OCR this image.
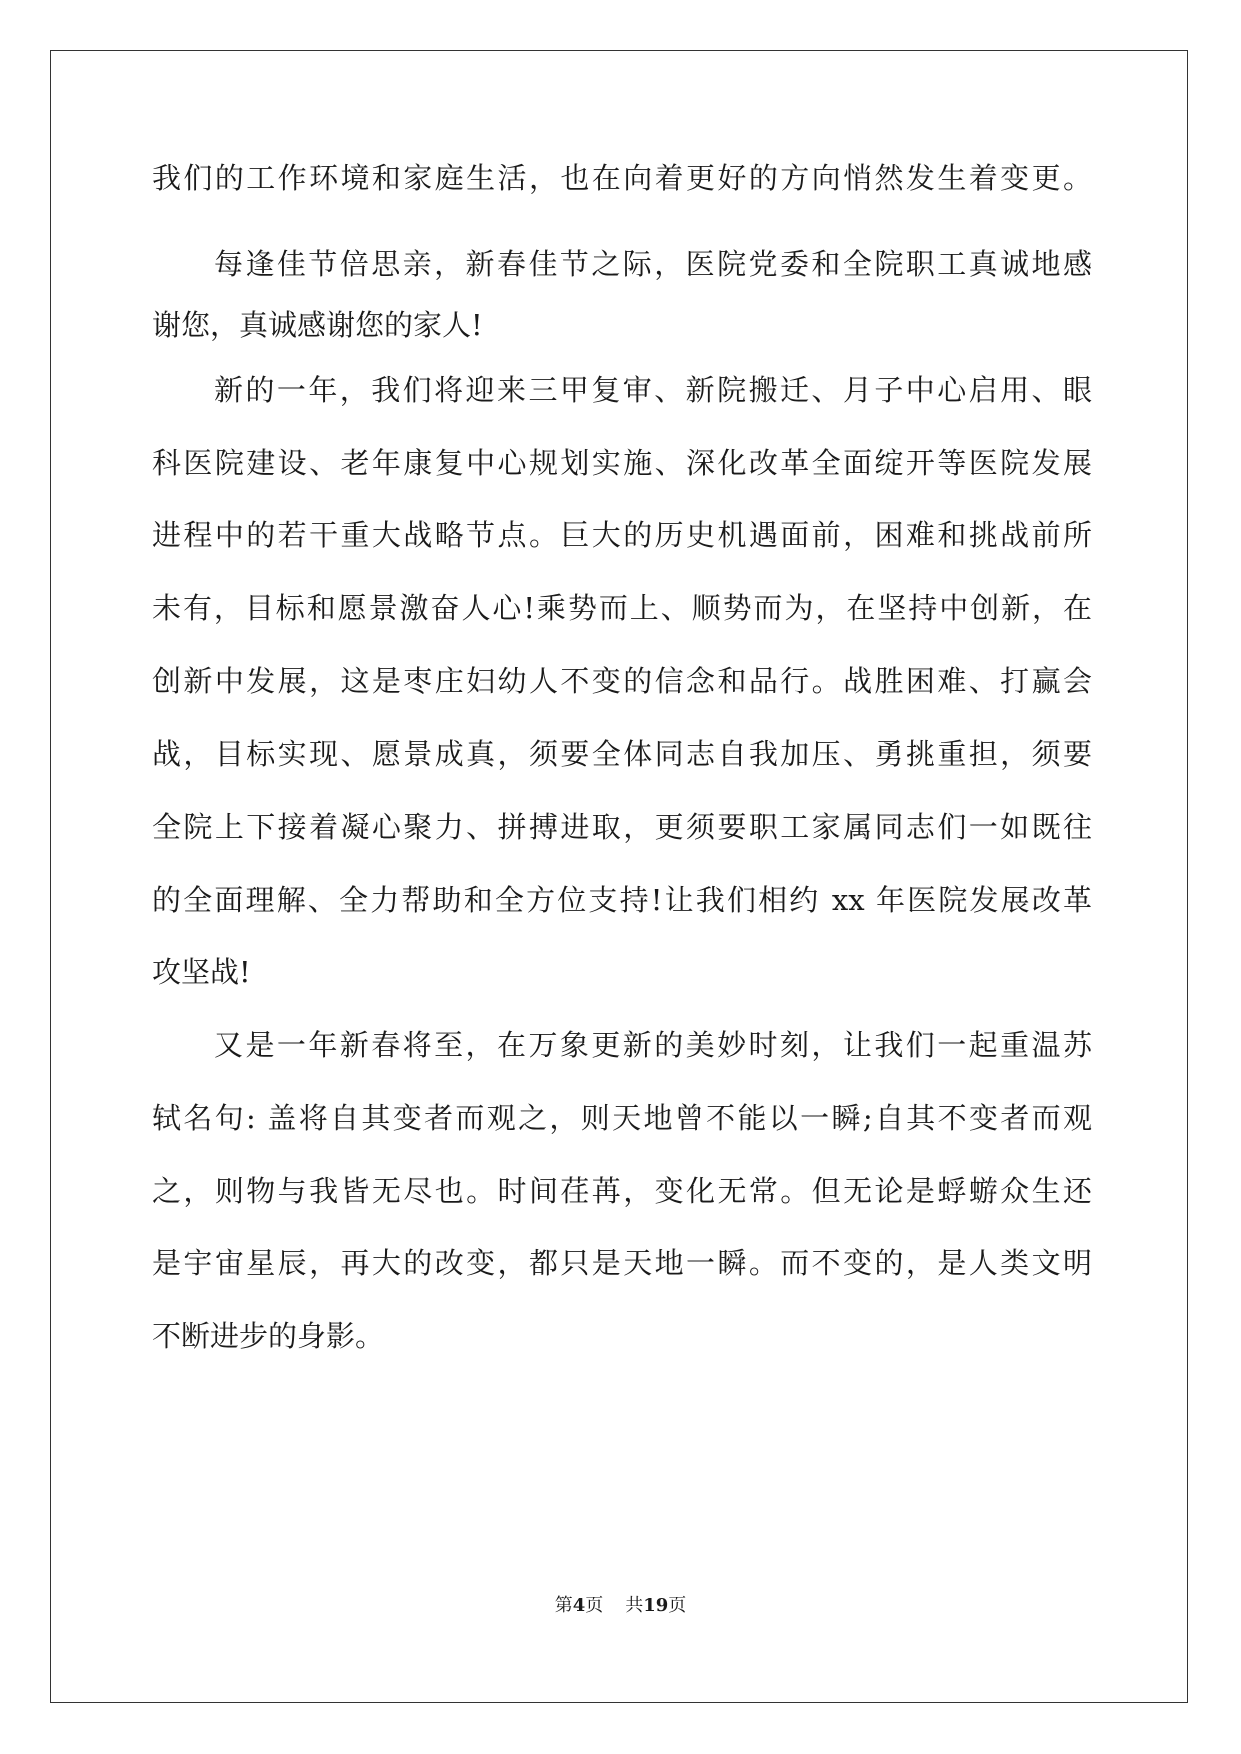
我们的工作环境和家庭生活，也在向着更好的方向悄然发生着变更。
每逢佳节倍思亲，新春佳节之际，医院党委和全院职工真诚地感
谢您，真诚感谢您的家人!
新的一年，我们将迎来三甲复审、新院搬迁、月子中心启用、眼
科医院建设、老年康复中心规划实施、深化改革全面绽开等医院发展
进程中的若干重大战略节点。巨大的历史机遇面前，困难和挑战前所
未有，目标和愿景激奋人心!乘势而上、顺势而为，在坚持中创新，在
创新中发展，这是枣庄妇幼人不变的信念和品行。战胜困难、打赢会
战，目标实现、愿景成真，须要全体同志自我加压、勇挑重担，须要
全院上下接着凝心聚力、拼搏进取，更须要职工家属同志们一如既往
的全面理解、全力帮助和全方位支持!让我们相约 xx 年医院发展改革
攻坚战!
又是一年新春将至，在万象更新的美妙时刻，让我们一起重温苏
轼名句: 盖将自其变者而观之，则天地曾不能以一瞬;自其不变者而观
之，则物与我皆无尽也。时间荏苒，变化无常。但无论是蜉蝣众生还
是宇宙星辰，再大的改变，都只是天地一瞬。而不变的，是人类文明
不断进步的身影。
第4页 共19页
